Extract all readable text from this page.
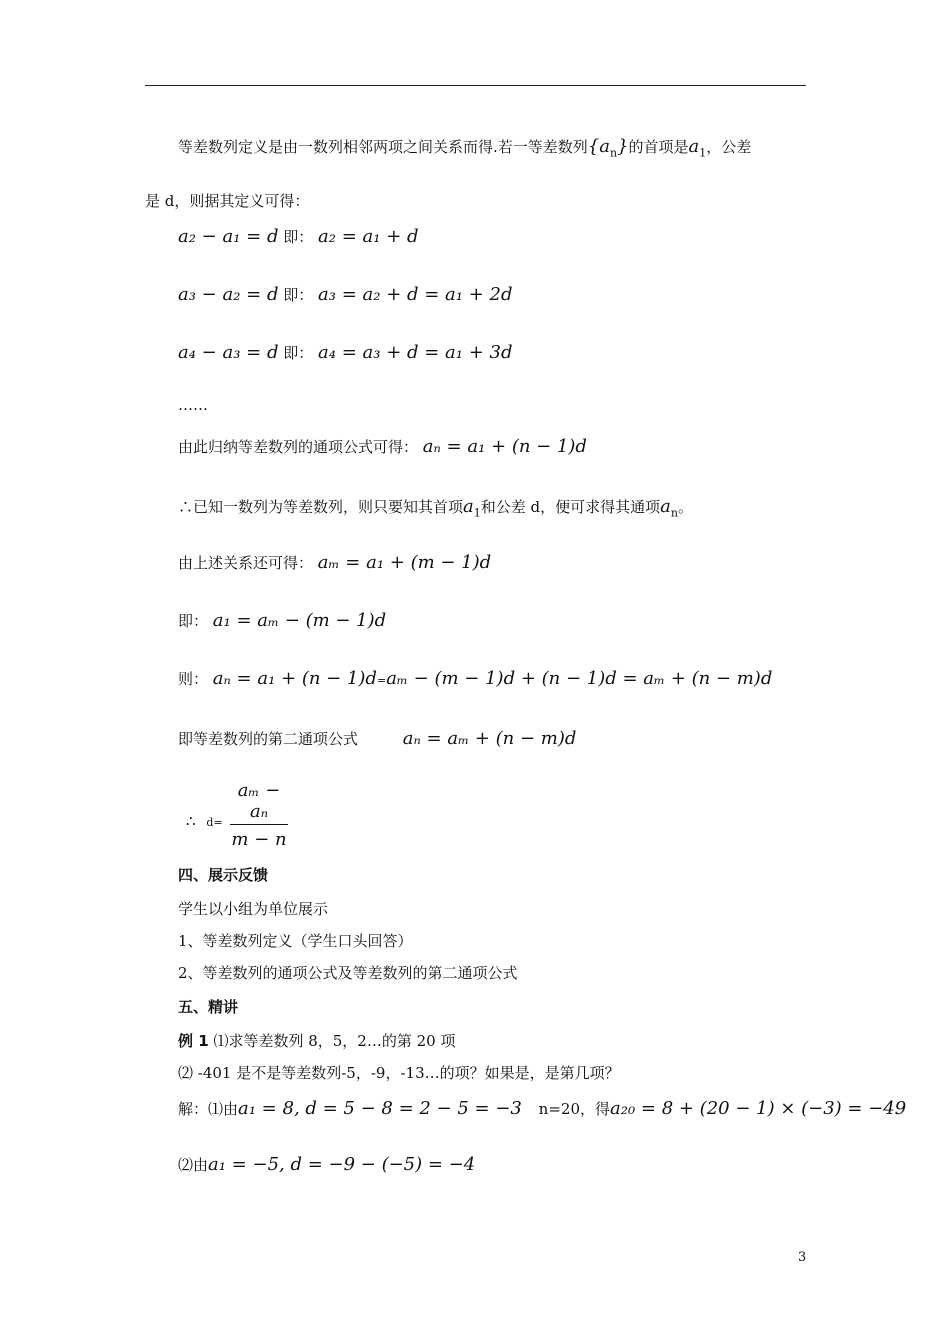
等差数列定义是由一数列相邻两项之间关系而得.若一等差数列$\{a_n\}$的首项是$a_1$，公差
是 d，则据其定义可得：
a₂ − a₁ = d 即： a₂ = a₁ + d
a₃ − a₂ = d 即： a₃ = a₂ + d = a₁ + 2d
a₄ − a₃ = d 即： a₄ = a₃ + d = a₁ + 3d
……
由此归纳等差数列的通项公式可得： aₙ = a₁ + (n − 1)d
∴已知一数列为等差数列，则只要知其首项$a_1$和公差 d，便可求得其通项$a_n$。
由上述关系还可得： aₘ = a₁ + (m − 1)d
即： a₁ = aₘ − (m − 1)d
则： aₙ = a₁ + (n − 1)d=aₘ − (m − 1)d + (n − 1)d = aₘ + (n − m)d
即等差数列的第二通项公式 aₙ = aₘ + (n − m)d
∴ $d= \frac{\text{aₘ − aₙ}}{m - n}$
四、展示反馈
学生以小组为单位展示
1、等差数列定义（学生口头回答）
2、等差数列的通项公式及等差数列的第二通项公式
五、精讲
例 1 ⑴求等差数列 8，5，2…的第 20 项
⑵ -401 是不是等差数列-5，-9，-13…的项？如果是，是第几项？
解：⑴由a₁ = 8, d = 5 − 8 = 2 − 5 = −3 n=20，得a₂₀ = 8 + (20 − 1) × (−3) = −49
⑵由a₁ = −5, d = −9 − (−5) = −4
3
